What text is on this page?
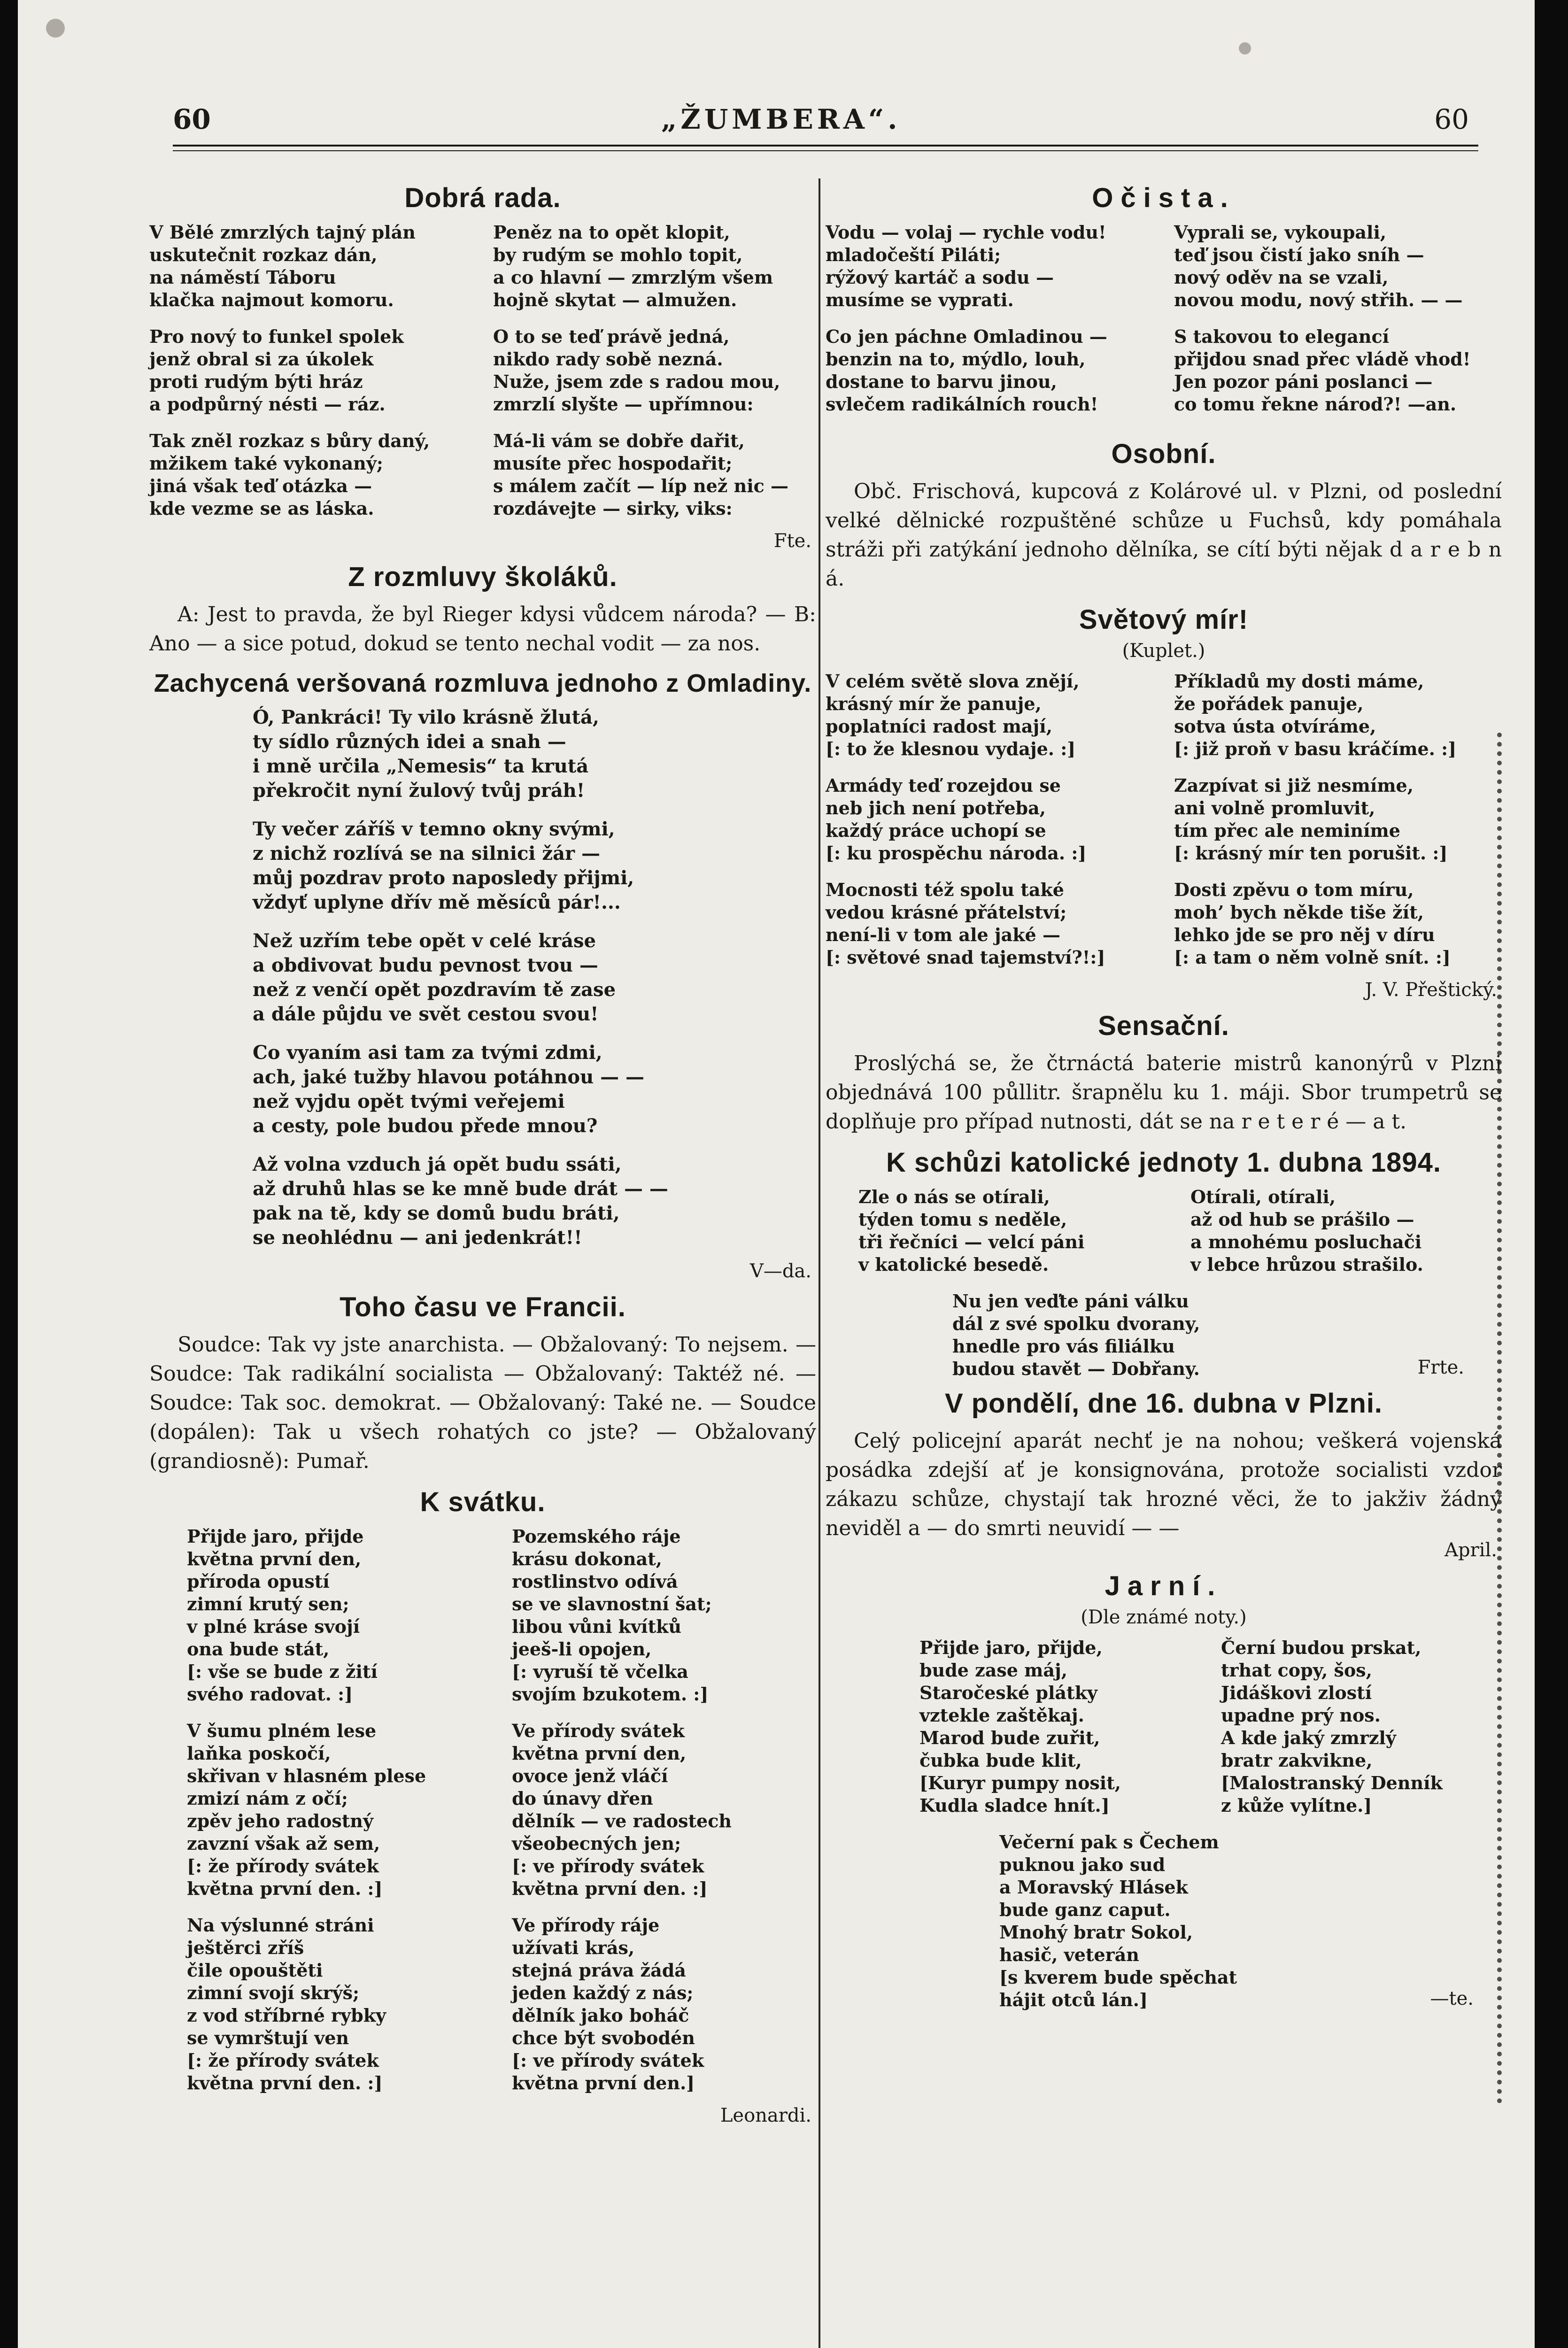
60	„ŽUMBERA“.	60
Dobrá rada.
V Bělé zmrzlých tajný plán
uskutečnit rozkaz dán,
na náměstí Táboru
klačka najmout komoru.
Pro nový to funkel spolek
jenž obral si za úkolek
proti rudým býti hráz
a podpůrný nésti — ráz.
Tak zněl rozkaz s bůry daný,
mžikem také vykonaný;
jiná však teď otázka —
kde vezme se as láska.
Peněz na to opět klopit,
by rudým se mohlo topit,
a co hlavní — zmrzlým všem
hojně skytat — almužen.
O to se teď právě jedná,
nikdo rady sobě nezná.
Nuže, jsem zde s radou mou,
zmrzlí slyšte — upřímnou:
Má-li vám se dobře dařit,
musíte přec hospodařit;
s málem začít — líp než nic —
rozdávejte — sirky, viks:
Fte.
Z rozmluvy školáků.

A: Jest to pravda, že byl Rieger kdysi vůdcem národa? — B: Ano — a sice potud, dokud se tento nechal vodit — za nos.

Zachycená veršovaná rozmluva jednoho z Omladiny.
Ó, Pankráci! Ty vilo krásně žlutá,
ty sídlo různých idei a snah —
i mně určila „Nemesis“ ta krutá
překročit nyní žulový tvůj práh!
Ty večer záříš v temno okny svými,
z nichž rozlívá se na silnici žár —
můj pozdrav proto naposledy přijmi,
vždyť uplyne dřív mě měsíců pár!...
Než uzřím tebe opět v celé kráse
a obdivovat budu pevnost tvou —
než z venčí opět pozdravím tě zase
a dále půjdu ve svět cestou svou!
Co vyaním asi tam za tvými zdmi,
ach, jaké tužby hlavou potáhnou — —
než vyjdu opět tvými veřejemi
a cesty, pole budou přede mnou?
Až volna vzduch já opět budu ssáti,
až druhů hlas se ke mně bude drát — —
pak na tě, kdy se domů budu bráti,
se neohlédnu — ani jedenkrát!!
V—da.
Toho času ve Francii.

Soudce: Tak vy jste anarchista. — Obžalovaný: To nejsem. — Soudce: Tak radikální socialista — Obžalovaný: Taktéž né. — Soudce: Tak soc. demokrat. — Obžalovaný: Také ne. — Soudce (dopálen): Tak u všech rohatých co jste? — Obžalovaný (grandiosně): Pumař.

K svátku.
Přijde jaro, přijde
května první den,
příroda opustí
zimní krutý sen;
v plné kráse svojí
ona bude stát,
[: vše se bude z žití
svého radovat. :]
V šumu plném lese
laňka poskočí,
skřivan v hlasném plese
zmizí nám z očí;
zpěv jeho radostný
zavzní však až sem,
[: že přírody svátek
května první den. :]
Na výslunné stráni
ještěrci zříš
čile opouštěti
zimní svojí skrýš;
z vod stříbrné rybky
se vymrštují ven
[: že přírody svátek
května první den. :]
Pozemského ráje
krásu dokonat,
rostlinstvo odívá
se ve slavnostní šat;
libou vůni kvítků
jeeš-li opojen,
[: vyruší tě včelka
svojím bzukotem. :]
Ve přírody svátek
května první den,
ovoce jenž vláčí
do únavy dřen
dělník — ve radostech
všeobecných jen;
[: ve přírody svátek
května první den. :]
Ve přírody ráje
užívati krás,
stejná práva žádá
jeden každý z nás;
dělník jako boháč
chce být svobodén
[: ve přírody svátek
května první den.]
Leonardi.
Očista.
Vodu — volaj — rychle vodu!
mladočeští Piláti;
rýžový kartáč a sodu —
musíme se vyprati.
Co jen páchne Omladinou —
benzin na to, mýdlo, louh,
dostane to barvu jinou,
svlečem radikálních rouch!
Vyprali se, vykoupali,
teď jsou čistí jako sníh —
nový oděv na se vzali,
novou modu, nový střih. — —
S takovou to elegancí
přijdou snad přec vládě vhod!
Jen pozor páni poslanci —
co tomu řekne národ?! —an.
Osobní.

Obč. Frischová, kupcová z Kolárové ul. v Plzni, od poslední velké dělnické rozpuštěné schůze u Fuchsů, kdy pomáhala stráži při zatýkání jednoho dělníka, se cítí býti nějak d a r e b n á.

Světový mír!
(Kuplet.)
V celém světě slova znějí,
krásný mír že panuje,
poplatníci radost mají,
[: to že klesnou vydaje. :]
Armády teď rozejdou se
neb jich není potřeba,
každý práce uchopí se
[: ku prospěchu národa. :]
Mocnosti též spolu také
vedou krásné přátelství;
není-li v tom ale jaké —
[: světové snad tajemství?!:]
Příkladů my dosti máme,
že pořádek panuje,
sotva ústa otvíráme,
[: již proň v basu kráčíme. :]
Zazpívat si již nesmíme,
ani volně promluvit,
tím přec ale neminíme
[: krásný mír ten porušit. :]
Dosti zpěvu o tom míru,
moh’ bych někde tiše žít,
lehko jde se pro něj v díru
[: a tam o něm volně snít. :]
J. V. Přeštický.
Sensační.

Proslýchá se, že čtrnáctá baterie mistrů kanonýrů v Plzni objednává 100 půllitr. šrapnělu ku 1. máji. Sbor trumpetrů se doplňuje pro případ nutnosti, dát se na r e t e r é — a t.

K schůzi katolické jednoty 1. dubna 1894.
Zle o nás se otírali,
týden tomu s neděle,
tři řečníci — velcí páni
v katolické besedě.
Otírali, otírali,
až od hub se prášilo —
a mnohému posluchači
v lebce hrůzou strašilo.
Nu jen veďte páni válku
dál z své spolku dvorany,
hnedle pro vás filiálku
budou stavět — Dobřany.	Frte.
V pondělí, dne 16. dubna v Plzni.

Celý policejní aparát nechť je na nohou; veškerá vojenská posádka zdejší ať je konsignována, protože socialisti vzdor zákazu schůze, chystají tak hrozné věci, že to jakživ žádný neviděl a — do smrti neuvidí — —

April.
Jarní.
(Dle známé noty.)
Přijde jaro, přijde,
bude zase máj,
Staročeské plátky
vztekle zaštěkaj.
Marod bude zuřit,
čubka bude klit,
[Kuryr pumpy nosit,
Kudla sladce hnít.]
Černí budou prskat,
trhat copy, šos,
Jidáškovi zlostí
upadne prý nos.
A kde jaký zmrzlý
bratr zakvikne,
[Malostranský Denník
z kůže vylítne.]
Večerní pak s Čechem
puknou jako sud
a Moravský Hlásek
bude ganz caput.
Mnohý bratr Sokol,
hasič, veterán
[s kverem bude spěchat
hájit otců lán.]	—te.
